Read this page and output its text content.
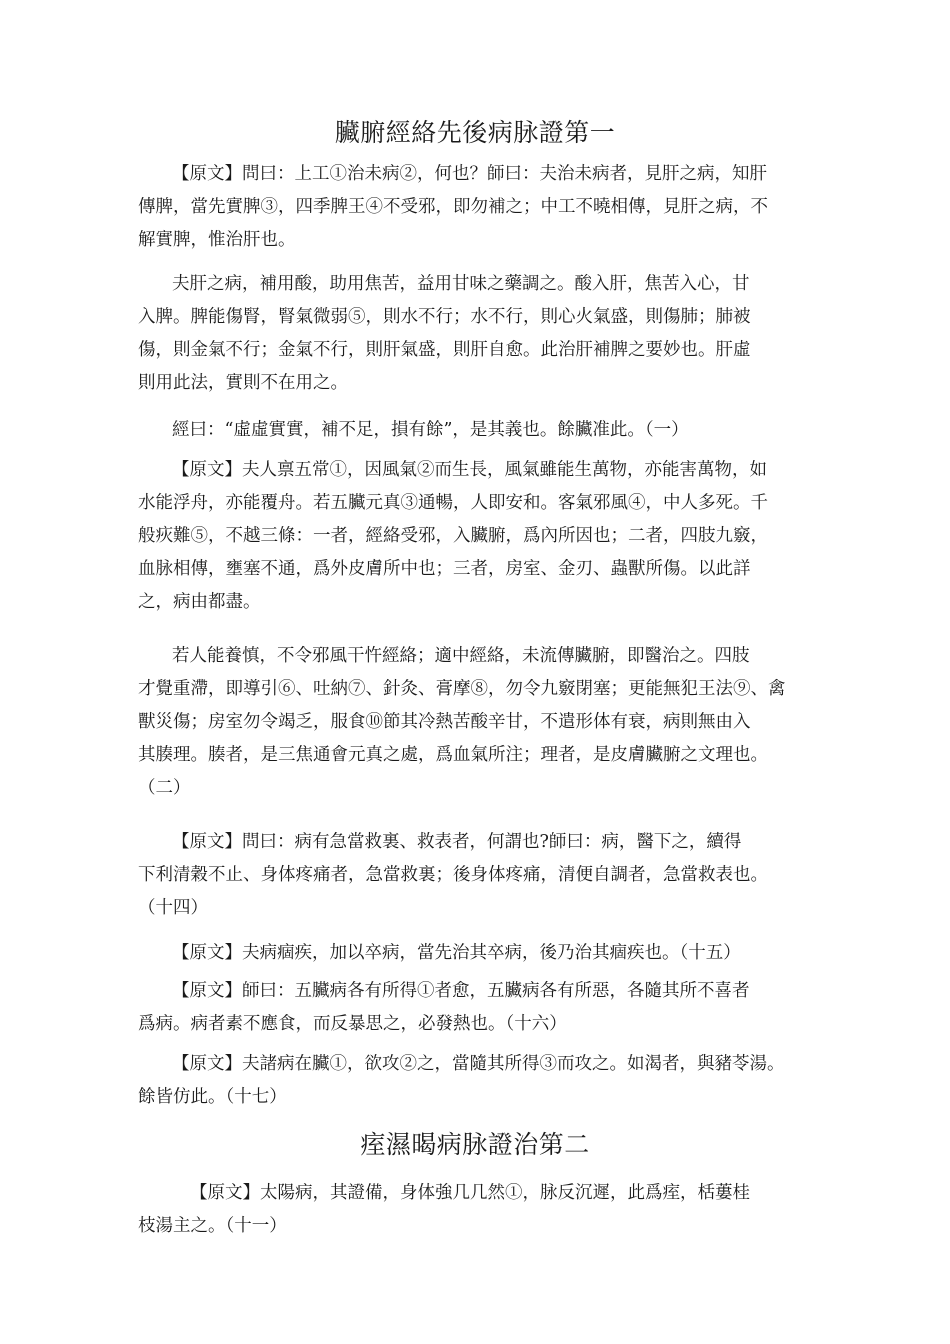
臟腑經絡先後病脉證第一
【原文】問曰：上工①治未病②，何也？師曰：夫治未病者，見肝之病，知肝
傳脾，當先實脾③，四季脾王④不受邪，即勿補之；中工不曉相傳，見肝之病，不
解實脾，惟治肝也。
夫肝之病，補用酸，助用焦苦，益用甘味之藥調之。酸入肝，焦苦入心，甘
入脾。脾能傷腎，腎氣微弱⑤，則水不行；水不行，則心火氣盛，則傷肺；肺被
傷，則金氣不行；金氣不行，則肝氣盛，則肝自愈。此治肝補脾之要妙也。肝虛
則用此法，實則不在用之。
經曰：“虛虛實實，補不足，損有餘”，是其義也。餘臟准此。（一）
【原文】夫人禀五常①，因風氣②而生長，風氣雖能生萬物，亦能害萬物，如
水能浮舟，亦能覆舟。若五臟元真③通暢，人即安和。客氣邪風④，中人多死。千
般疢難⑤，不越三條：一者，經絡受邪，入臟腑，爲內所因也；二者，四肢九竅，
血脉相傳，壅塞不通，爲外皮膚所中也；三者，房室、金刃、蟲獸所傷。以此詳
之，病由都盡。
若人能養慎，不令邪風干忤經絡；適中經絡，未流傳臟腑，即醫治之。四肢
才覺重滯，即導引⑥、吐納⑦、針灸、膏摩⑧，勿令九竅閉塞；更能無犯王法⑨、禽
獸災傷；房室勿令竭乏，服食⑩節其冷熱苦酸辛甘，不遣形体有衰，病則無由入
其腠理。腠者，是三焦通會元真之處，爲血氣所注；理者，是皮膚臟腑之文理也。
（二）
【原文】問曰：病有急當救裏、救表者，何謂也?師曰：病，醫下之，續得
下利清穀不止、身体疼痛者，急當救裏；後身体疼痛，清便自調者，急當救表也。
（十四）
【原文】夫病痼疾，加以卒病，當先治其卒病，後乃治其痼疾也。（十五）
【原文】師曰：五臟病各有所得①者愈，五臟病各有所惡，各隨其所不喜者
爲病。病者素不應食，而反暴思之，必發熱也。（十六）
【原文】夫諸病在臟①，欲攻②之，當隨其所得③而攻之。如渴者，與豬苓湯。
餘皆仿此。（十七）
痓濕暍病脉證治第二
【原文】太陽病，其證備，身体強几几然①，脉反沉遲，此爲痓，栝蔞桂
枝湯主之。（十一）
